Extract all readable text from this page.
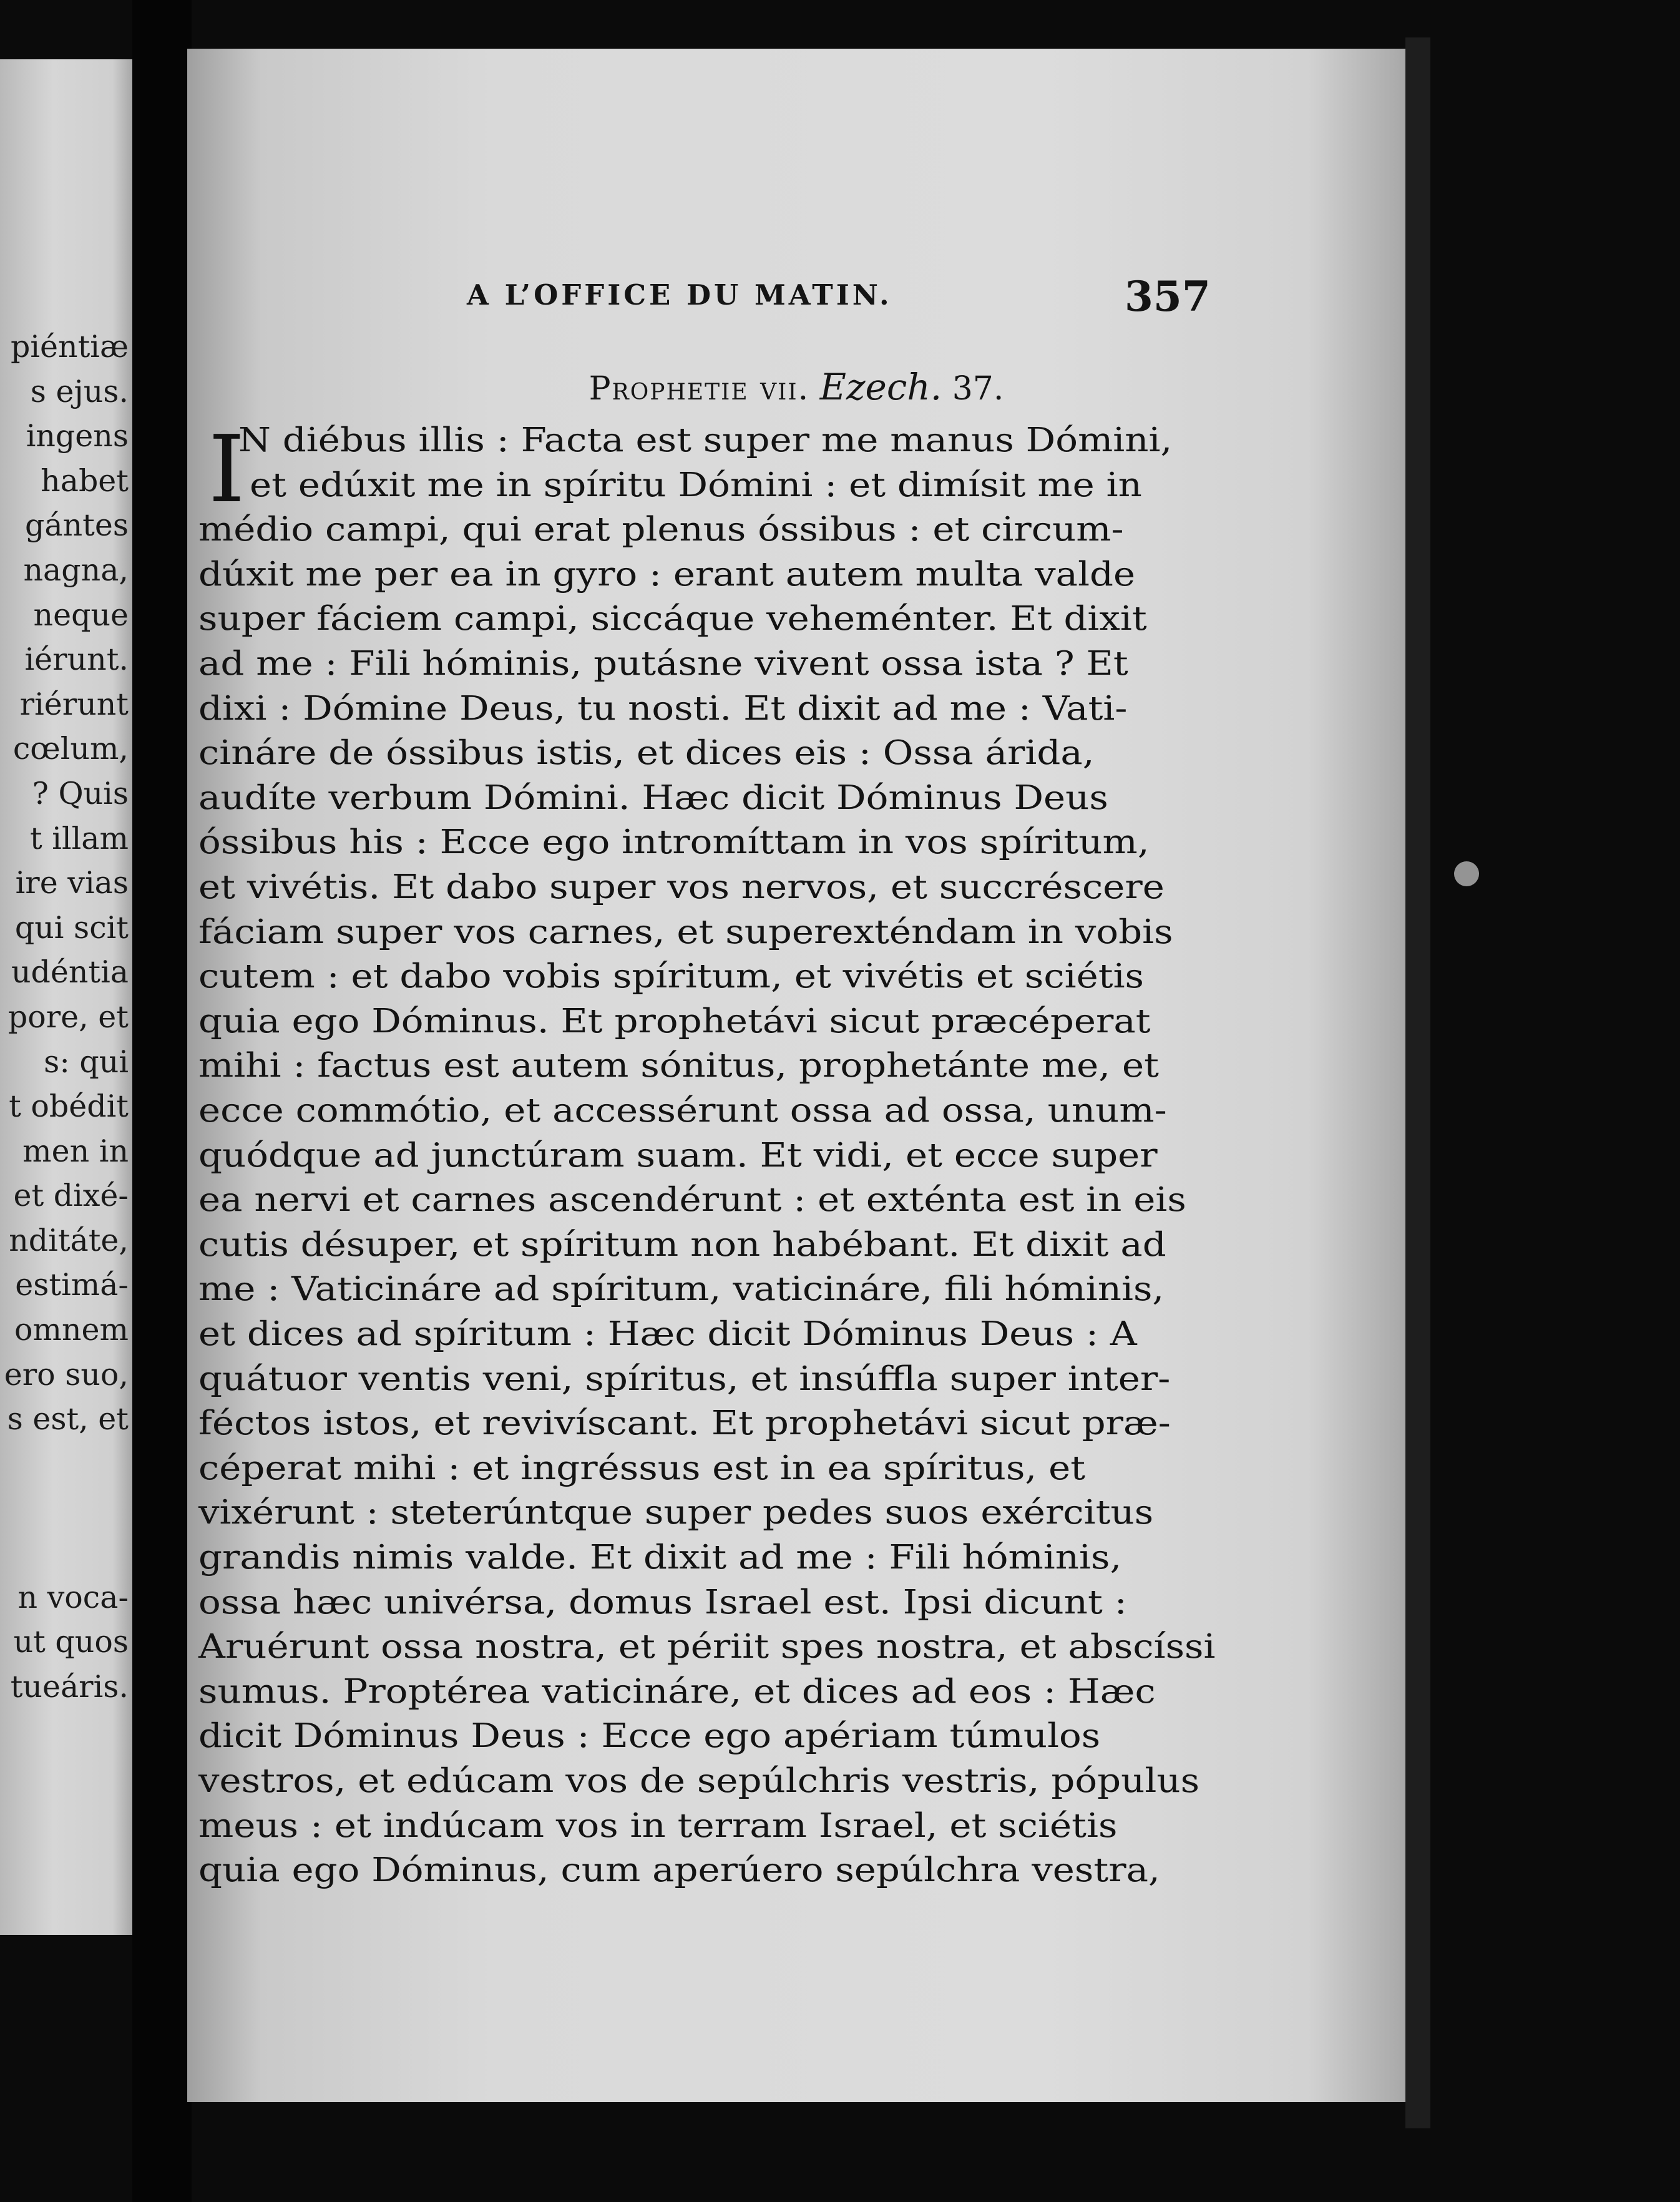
piéntiæ
s ejus.
ingens
habet
gántes
nagna,
neque
iérunt.
riérunt
cœlum,
? Quis
t illam
ire vias
qui scit
udéntia
pore, et
s: qui
t obédit
men in
et dixé-
nditáte,
estimá-
omnem
ero suo,
s est, et
n voca-
ut quos
tueáris.
A L’OFFICE DU MATIN.	357
Prophetie vii. Ezech. 37.
I
N diébus illis : Facta est super me manus Dómini,
et edúxit me in spíritu Dómini : et dimísit me in
médio campi, qui erat plenus óssibus : et circum-
dúxit me per ea in gyro : erant autem multa valde
super fáciem campi, siccáque veheménter. Et dixit
ad me : Fili hóminis, putásne vivent ossa ista ? Et
dixi : Dómine Deus, tu nosti. Et dixit ad me : Vati-
cináre de óssibus istis, et dices eis : Ossa árida,
audíte verbum Dómini. Hæc dicit Dóminus Deus
óssibus his : Ecce ego intromíttam in vos spíritum,
et vivétis. Et dabo super vos nervos, et succréscere
fáciam super vos carnes, et superexténdam in vobis
cutem : et dabo vobis spíritum, et vivétis et sciétis
quia ego Dóminus. Et prophetávi sicut præcéperat
mihi : factus est autem sónitus, prophetánte me, et
ecce commótio, et accessérunt ossa ad ossa, unum-
quódque ad junctúram suam. Et vidi, et ecce super
ea nervi et carnes ascendérunt : et exténta est in eis
cutis désuper, et spíritum non habébant. Et dixit ad
me : Vaticináre ad spíritum, vaticináre, fili hóminis,
et dices ad spíritum : Hæc dicit Dóminus Deus : A
quátuor ventis veni, spíritus, et insúffla super inter-
féctos istos, et revivíscant. Et prophetávi sicut præ-
céperat mihi : et ingréssus est in ea spíritus, et
vixérunt : steterúntque super pedes suos exércitus
grandis nimis valde. Et dixit ad me : Fili hóminis,
ossa hæc univérsa, domus Israel est. Ipsi dicunt :
Aruérunt ossa nostra, et périit spes nostra, et abscíssi
sumus. Proptérea vaticináre, et dices ad eos : Hæc
dicit Dóminus Deus : Ecce ego apériam túmulos
vestros, et edúcam vos de sepúlchris vestris, pópulus
meus : et indúcam vos in terram Israel, et sciétis
quia ego Dóminus, cum aperúero sepúlchra vestra,
